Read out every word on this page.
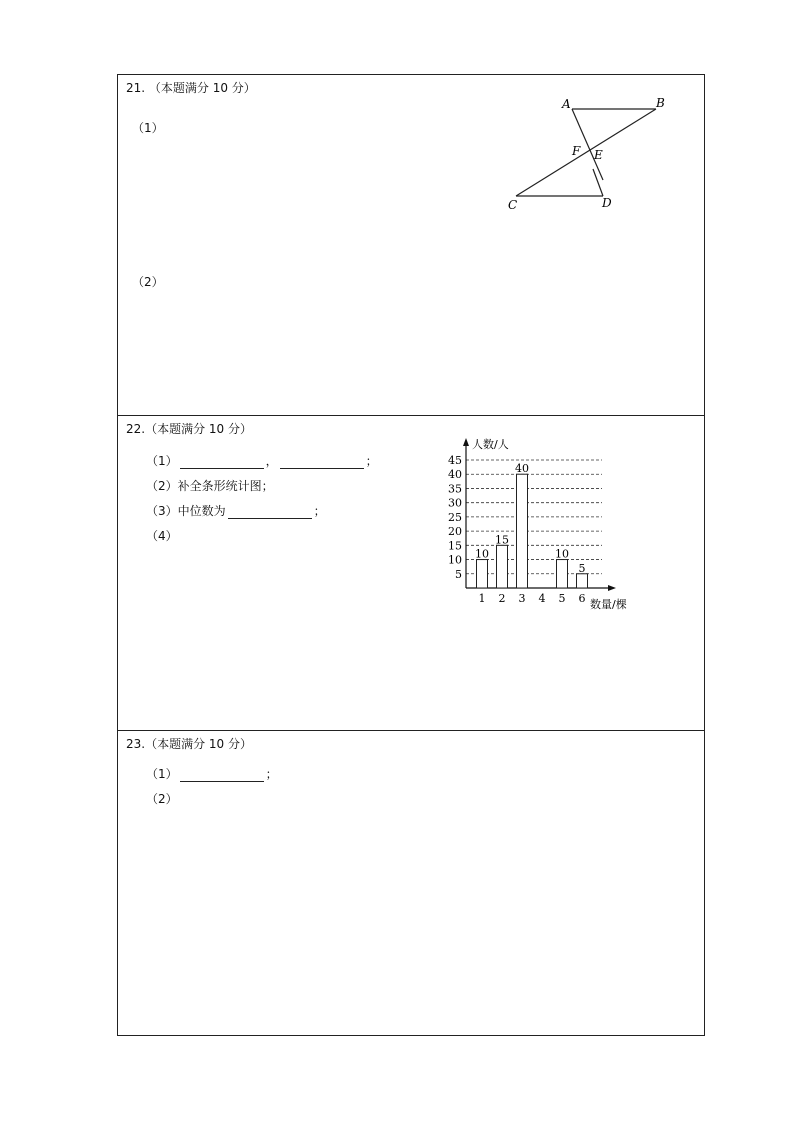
21. （本题满分 10 分）
（1）
（2）
A	B
F E
C	D
22.（本题满分 10 分）
（1）	，	；
（2）补全条形统计图；
（3）中位数为	；
（4）
5
10
15
20
25
30
35
40
45
人数/人
数量/棵
1
10
2
15
3
40
4 5
10
6
5
23.（本题满分 10 分）
（1）	；
（2）
